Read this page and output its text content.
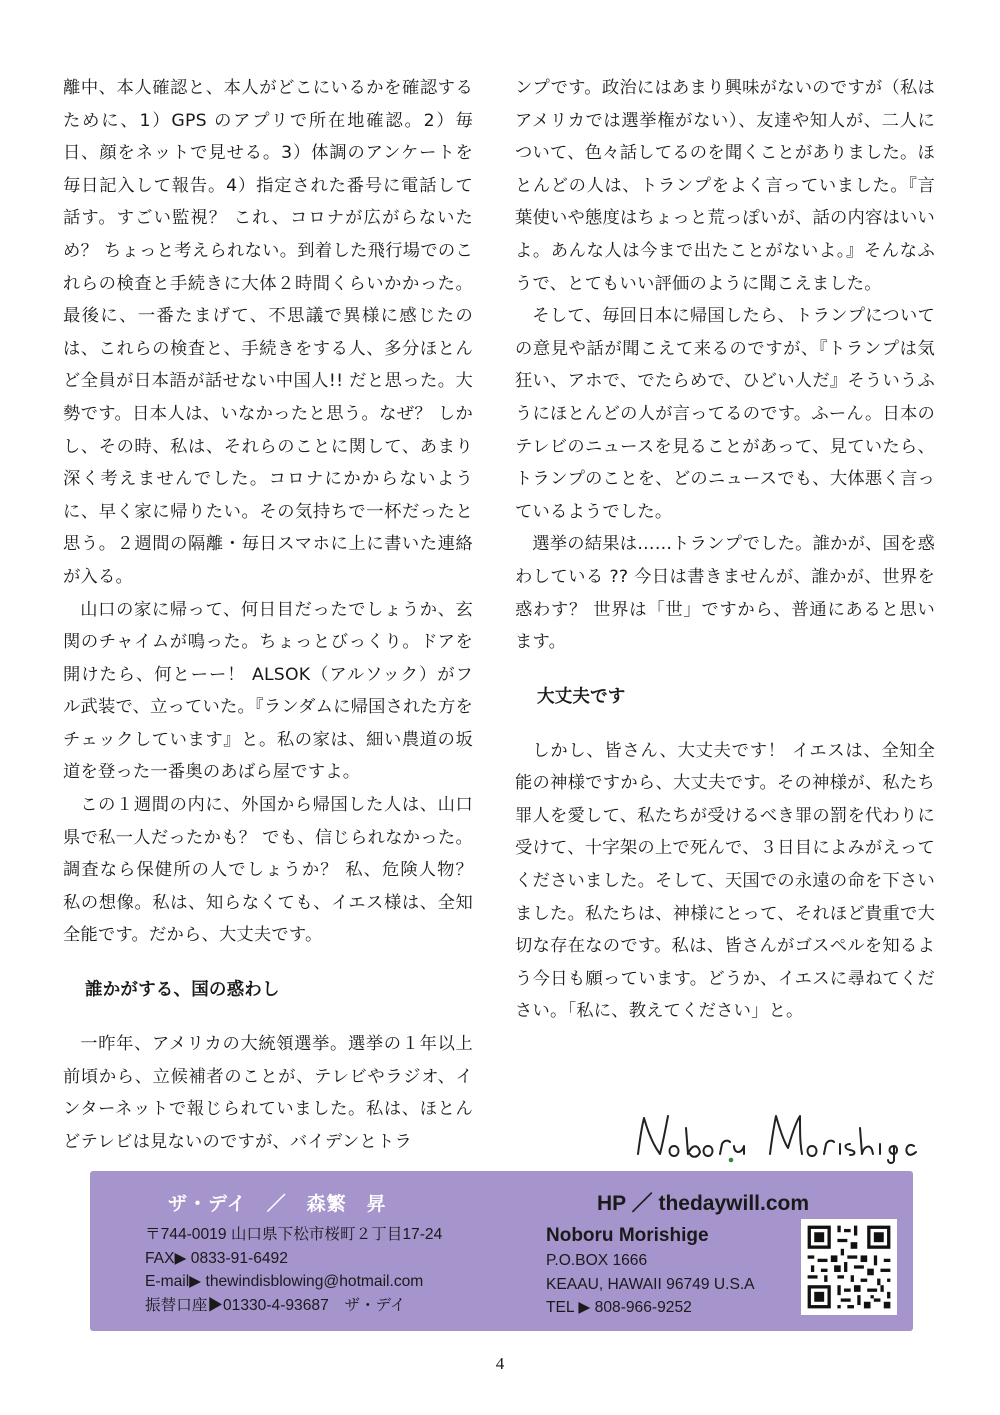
離中、本人確認と、本人がどこにいるかを確認するために、1）GPS のアプリで所在地確認。2）毎日、顔をネットで見せる。3）体調のアンケートを毎日記入して報告。4）指定された番号に電話して話す。すごい監視？ これ、コロナが広がらないため？ ちょっと考えられない。到着した飛行場でのこれらの検査と手続きに大体２時間くらいかかった。最後に、一番たまげて、不思議で異様に感じたのは、これらの検査と、手続きをする人、多分ほとんど全員が日本語が話せない中国人!! だと思った。大勢です。日本人は、いなかったと思う。なぜ？ しかし、その時、私は、それらのことに関して、あまり深く考えませんでした。コロナにかからないように、早く家に帰りたい。その気持ちで一杯だったと思う。２週間の隔離・毎日スマホに上に書いた連絡が入る。

山口の家に帰って、何日目だったでしょうか、玄関のチャイムが鳴った。ちょっとびっくり。ドアを開けたら、何とーー！ ALSOK（アルソック）がフル武装で、立っていた。『ランダムに帰国された方をチェックしています』と。私の家は、細い農道の坂道を登った一番奥のあばら屋ですよ。

この１週間の内に、外国から帰国した人は、山口県で私一人だったかも？ でも、信じられなかった。調査なら保健所の人でしょうか？ 私、危険人物？ 私の想像。私は、知らなくても、イエス様は、全知全能です。だから、大丈夫です。

誰かがする、国の惑わし

一昨年、アメリカの大統領選挙。選挙の１年以上前頃から、立候補者のことが、テレビやラジオ、インターネットで報じられていました。私は、ほとんどテレビは見ないのですが、バイデンとトラ

ンプです。政治にはあまり興味がないのですが（私はアメリカでは選挙権がない）、友達や知人が、二人について、色々話してるのを聞くことがありました。ほとんどの人は、トランプをよく言っていました。『言葉使いや態度はちょっと荒っぽいが、話の内容はいいよ。あんな人は今まで出たことがないよ。』そんなふうで、とてもいい評価のように聞こえました。

そして、毎回日本に帰国したら、トランプについての意見や話が聞こえて来るのですが、『トランプは気狂い、アホで、でたらめで、ひどい人だ』そういうふうにほとんどの人が言ってるのです。ふーん。日本のテレビのニュースを見ることがあって、見ていたら、トランプのことを、どのニュースでも、大体悪く言っているようでした。

選挙の結果は……トランプでした。誰かが、国を惑わしている ?? 今日は書きませんが、誰かが、世界を惑わす？ 世界は「世」ですから、普通にあると思います。

大丈夫です

しかし、皆さん、大丈夫です！ イエスは、全知全能の神様ですから、大丈夫です。その神様が、私たち罪人を愛して、私たちが受けるべき罪の罰を代わりに受けて、十字架の上で死んで、３日目によみがえってくださいました。そして、天国での永遠の命を下さいました。私たちは、神様にとって、それほど貴重で大切な存在なのです。私は、皆さんがゴスペルを知るよう今日も願っています。どうか、イエスに尋ねてください。「私に、教えてください」と。

ザ・デイ　／　森繁　昇	HP ／ thedaywill.com
〒744-0019 山口県下松市桜町２丁目17-24
FAX▶ 0833-91-6492
E-mail▶ thewindisblowing@hotmail.com
振替口座▶01330-4-93687　ザ・デイ
Noboru Morishige
P.O.BOX 1666
KEAAU, HAWAII 96749 U.S.A
TEL ▶ 808-966-9252
4
